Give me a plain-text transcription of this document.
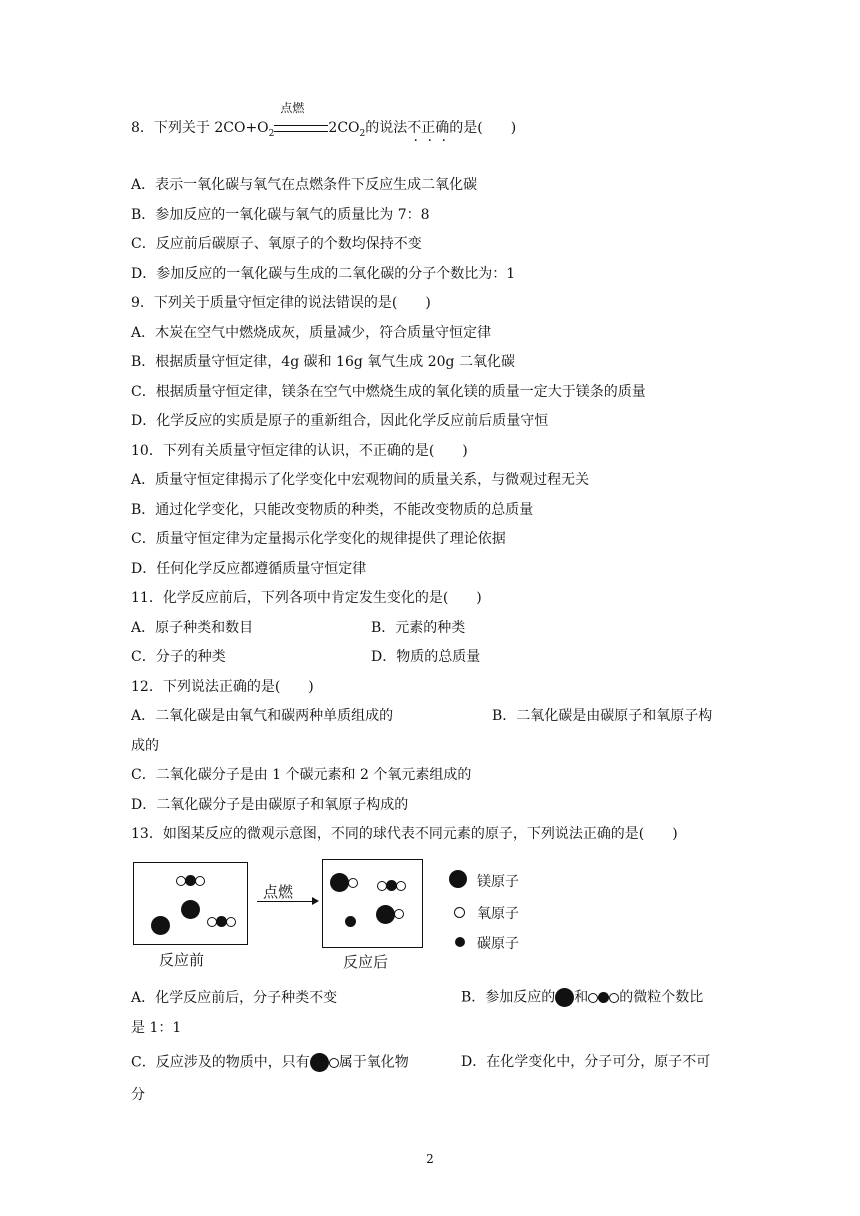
8．下列关于 $2CO+O_2$
点燃
$2CO_2$的说法不正确的是(　　)
A．表示一氧化碳与氧气在点燃条件下反应生成二氧化碳
B．参加反应的一氧化碳与氧气的质量比为 7：8
C．反应前后碳原子、氧原子的个数均保持不变
D．参加反应的一氧化碳与生成的二氧化碳的分子个数比为：1
9．下列关于质量守恒定律的说法错误的是(　　)
A．木炭在空气中燃烧成灰，质量减少，符合质量守恒定律
B．根据质量守恒定律，4g 碳和 16g 氧气生成 20g 二氧化碳
C．根据质量守恒定律，镁条在空气中燃烧生成的氧化镁的质量一定大于镁条的质量
D．化学反应的实质是原子的重新组合，因此化学反应前后质量守恒
10．下列有关质量守恒定律的认识，不正确的是(　　)
A．质量守恒定律揭示了化学变化中宏观物间的质量关系，与微观过程无关
B．通过化学变化，只能改变物质的种类，不能改变物质的总质量
C．质量守恒定律为定量揭示化学变化的规律提供了理论依据
D．任何化学反应都遵循质量守恒定律
11．化学反应前后，下列各项中肯定发生变化的是(　　)
A．原子种类和数目	B．元素的种类
C．分子的种类	D．物质的总质量
12．下列说法正确的是(　　)
A．二氧化碳是由氧气和碳两种单质组成的	B．二氧化碳是由碳原子和氧原子构
成的
C．二氧化碳分子是由 1 个碳元素和 2 个氧元素组成的
D．二氧化碳分子是由碳原子和氧原子构成的
13．如图某反应的微观示意图，不同的球代表不同元素的原子，下列说法正确的是(　　)
点燃
镁原子
氧原子
碳原子
反应前	反应后
A．化学反应前后，分子种类不变	B．参加反应的 和 的微粒个数比
是 1：1
C．反应涉及的物质中，只有 属于氧化物	D．在化学变化中，分子可分，原子不可
分
2
